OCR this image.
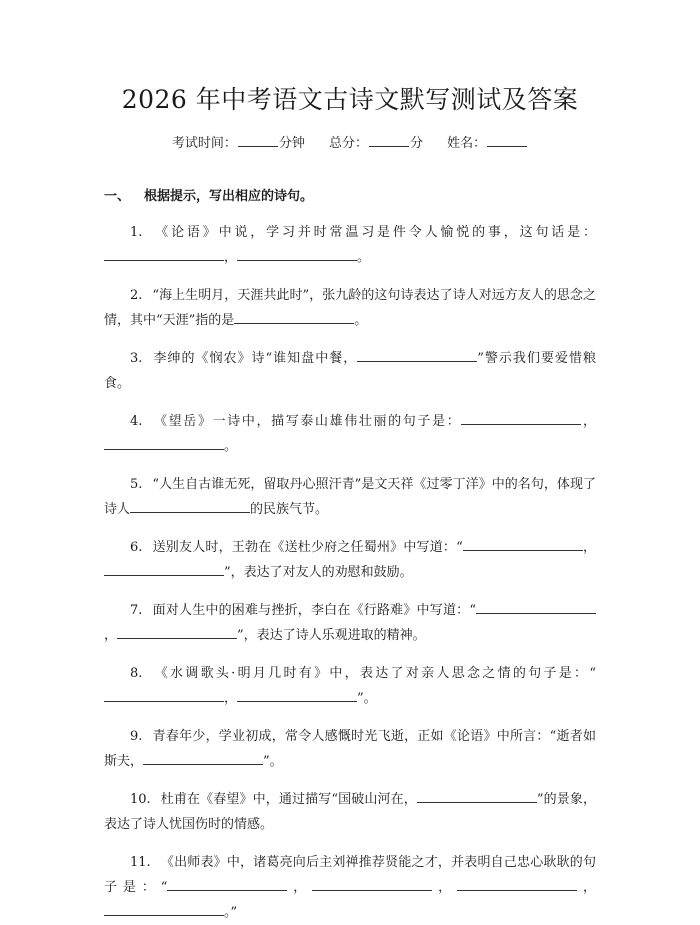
2026 年中考语文古诗文默写测试及答案
考试时间：	分钟 总分：	分 姓名：
一、 根据提示，写出相应的诗句。

1. 《论语》中说，学习并时常温习是件令人愉悦的事，这句话是：，	。

2. “海上生明月，天涯共此时”，张九龄的这句诗表达了诗人对远方友人的思念之情，其中“天涯”指的是	。

3. 李绅的《悯农》诗“谁知盘中餐，	”警示我们要爱惜粮食。

4. 《望岳》一诗中，描写泰山雄伟壮丽的句子是：	，。

5. “人生自古谁无死，留取丹心照汗青”是文天祥《过零丁洋》中的名句，体现了诗人	的民族气节。

6. 送别友人时，王勃在《送杜少府之任蜀州》中写道：“	，”，表达了对友人的劝慰和鼓励。

7. 面对人生中的困难与挫折，李白在《行路难》中写道：“，	”，表达了诗人乐观进取的精神。

8. 《水调歌头·明月几时有》中，表达了对亲人思念之情的句子是：“，	”。

9. 青春年少，学业初成，常令人感慨时光飞逝，正如《论语》中所言：“逝者如斯夫，	”。

10. 杜甫在《春望》中，通过描写“国破山河在，	”的景象，表达了诗人忧国伤时的情感。

11. 《出师表》中，诸葛亮向后主刘禅推荐贤能之才，并表明自己忠心耿耿的句子是：“	，	，	，。”
